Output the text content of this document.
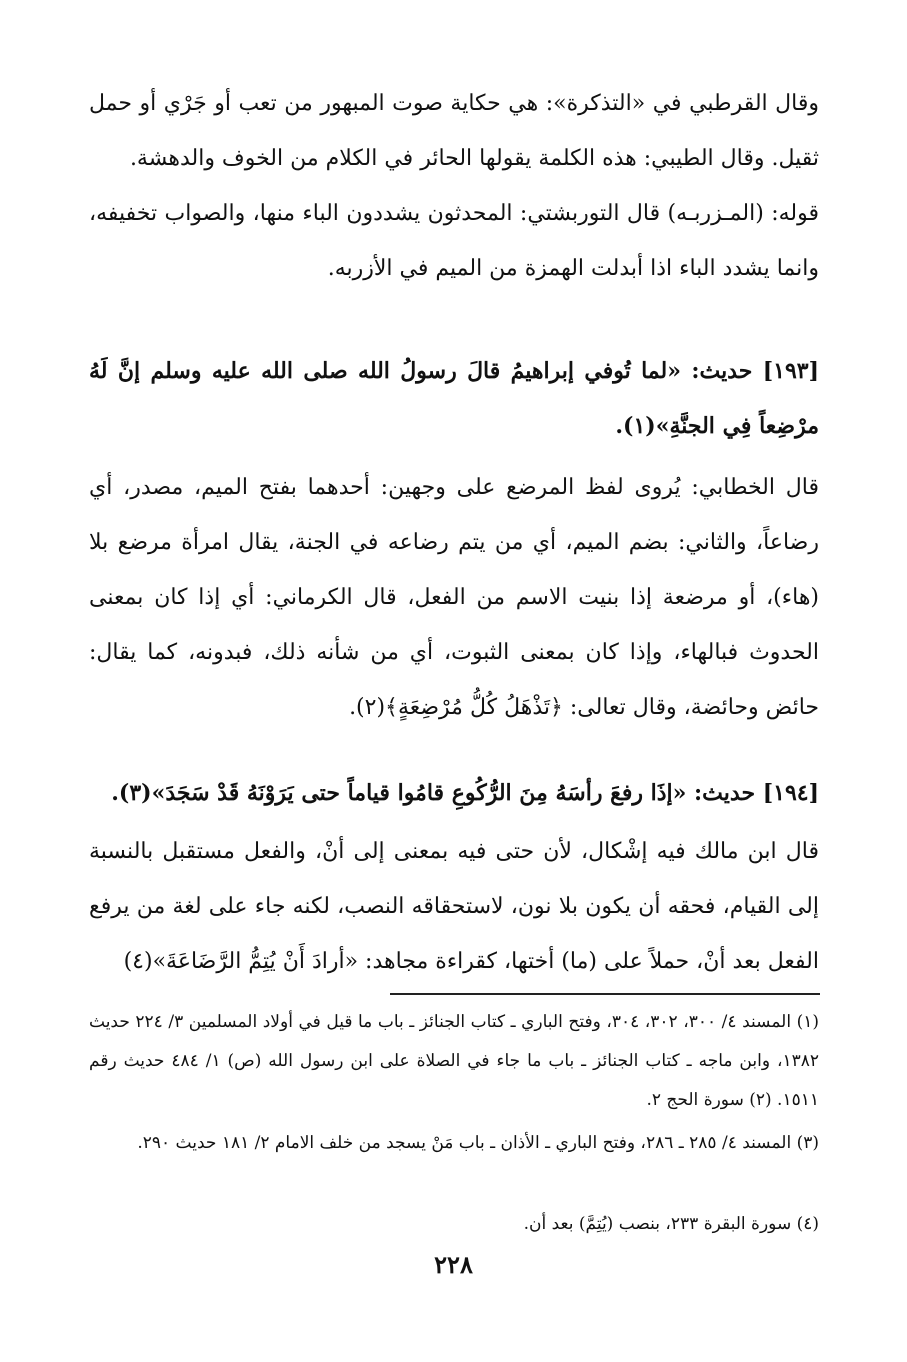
وقال القرطبي في «التذكرة»: هي حكاية صوت المبهور من تعب أو جَرْي أو حمل ثقيل. وقال الطيبي: هذه الكلمة يقولها الحائر في الكلام من الخوف والدهشة.
قوله: (المـزربـه) قال التوربشتي: المحدثون يشددون الباء منها، والصواب تخفيفه، وانما يشدد الباء اذا أبدلت الهمزة من الميم في الأزربه.
[١٩٣] حديث: «لما تُوفي إبراهيمُ قالَ رسولُ الله صلى الله عليه وسلم إنَّ لَهُ مرْضِعاً فِي الجنَّةِ»(١).
قال الخطابي: يُروى لفظ المرضع على وجهين: أحدهما بفتح الميم، مصدر، أي رضاعاً، والثاني: بضم الميم، أي من يتم رضاعه في الجنة، يقال امرأة مرضع بلا (هاء)، أو مرضعة إذا بنيت الاسم من الفعل، قال الكرماني: أي إذا كان بمعنى الحدوث فبالهاء، وإذا كان بمعنى الثبوت، أي من شأنه ذلك، فبدونه، كما يقال: حائض وحائضة، وقال تعالى: ﴿تَذْهَلُ كُلُّ مُرْضِعَةٍ﴾(٢).
[١٩٤] حديث: «إذَا رفعَ رأسَهُ مِنَ الرُّكُوعِ قامُوا قياماً حتى يَرَوْنَهُ قَدْ سَجَدَ»(٣).
قال ابن مالك فيه إشْكال، لأن حتى فيه بمعنى إلى أنْ، والفعل مستقبل بالنسبة إلى القيام، فحقه أن يكون بلا نون، لاستحقاقه النصب، لكنه جاء على لغة من يرفع الفعل بعد أنْ، حملاً على (ما) أختها، كقراءة مجاهد: «أرادَ أَنْ يُتِمُّ الرَّضَاعَةَ»(٤)
(١) المسند ٤/ ٣٠٠، ٣٠٢، ٣٠٤، وفتح الباري ـ كتاب الجنائز ـ باب ما قيل في أولاد المسلمين ٣/ ٢٢٤ حديث ١٣٨٢، وابن ماجه ـ كتاب الجنائز ـ باب ما جاء في الصلاة على ابن رسول الله (ص) ١/ ٤٨٤ حديث رقم ١٥١١. (٢) سورة الحج ٢.
(٣) المسند ٤/ ٢٨٥ ـ ٢٨٦، وفتح الباري ـ الأذان ـ باب مَنْ يسجد من خلف الامام ٢/ ١٨١ حديث ٢٩٠.
(٤) سورة البقرة ٢٣٣، بنصب (يُتِمَّ) بعد أن.
٢٢٨
